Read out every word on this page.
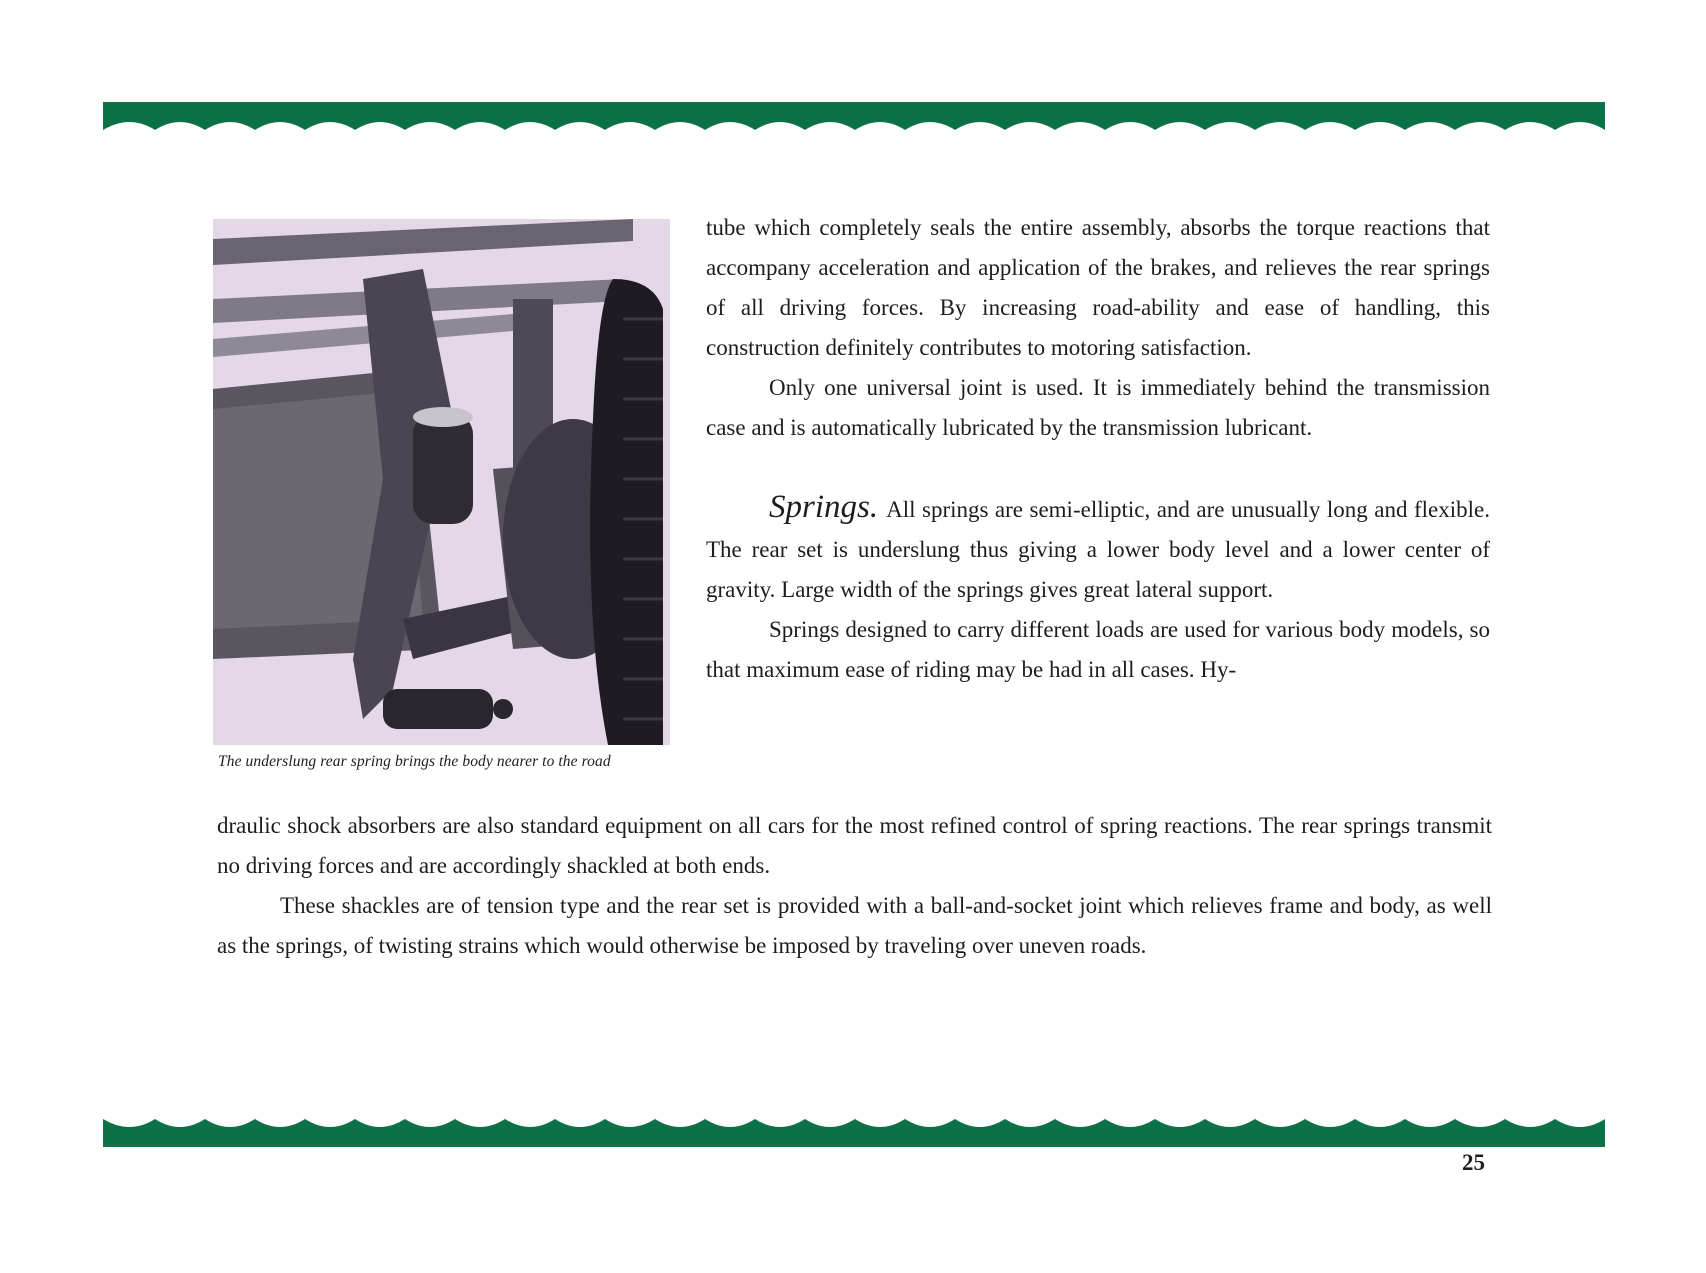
The underslung rear spring brings the body nearer to the road

tube which completely seals the entire assembly, absorbs the torque reactions that accompany acceleration and application of the brakes, and relieves the rear springs of all driving forces. By increasing road-ability and ease of handling, this construction definitely contributes to motoring satisfaction.

Only one universal joint is used. It is immediately behind the transmission case and is automatically lubricated by the transmission lubricant.

Springs. All springs are semi-elliptic, and are unusually long and flexible. The rear set is underslung thus giving a lower body level and a lower center of gravity. Large width of the springs gives great lateral support.

Springs designed to carry different loads are used for various body models, so that maximum ease of riding may be had in all cases. Hy-

draulic shock absorbers are also standard equipment on all cars for the most refined control of spring reactions. The rear springs transmit no driving forces and are accordingly shackled at both ends.

These shackles are of tension type and the rear set is provided with a ball-and-socket joint which relieves frame and body, as well as the springs, of twisting strains which would otherwise be imposed by traveling over uneven roads.

25
